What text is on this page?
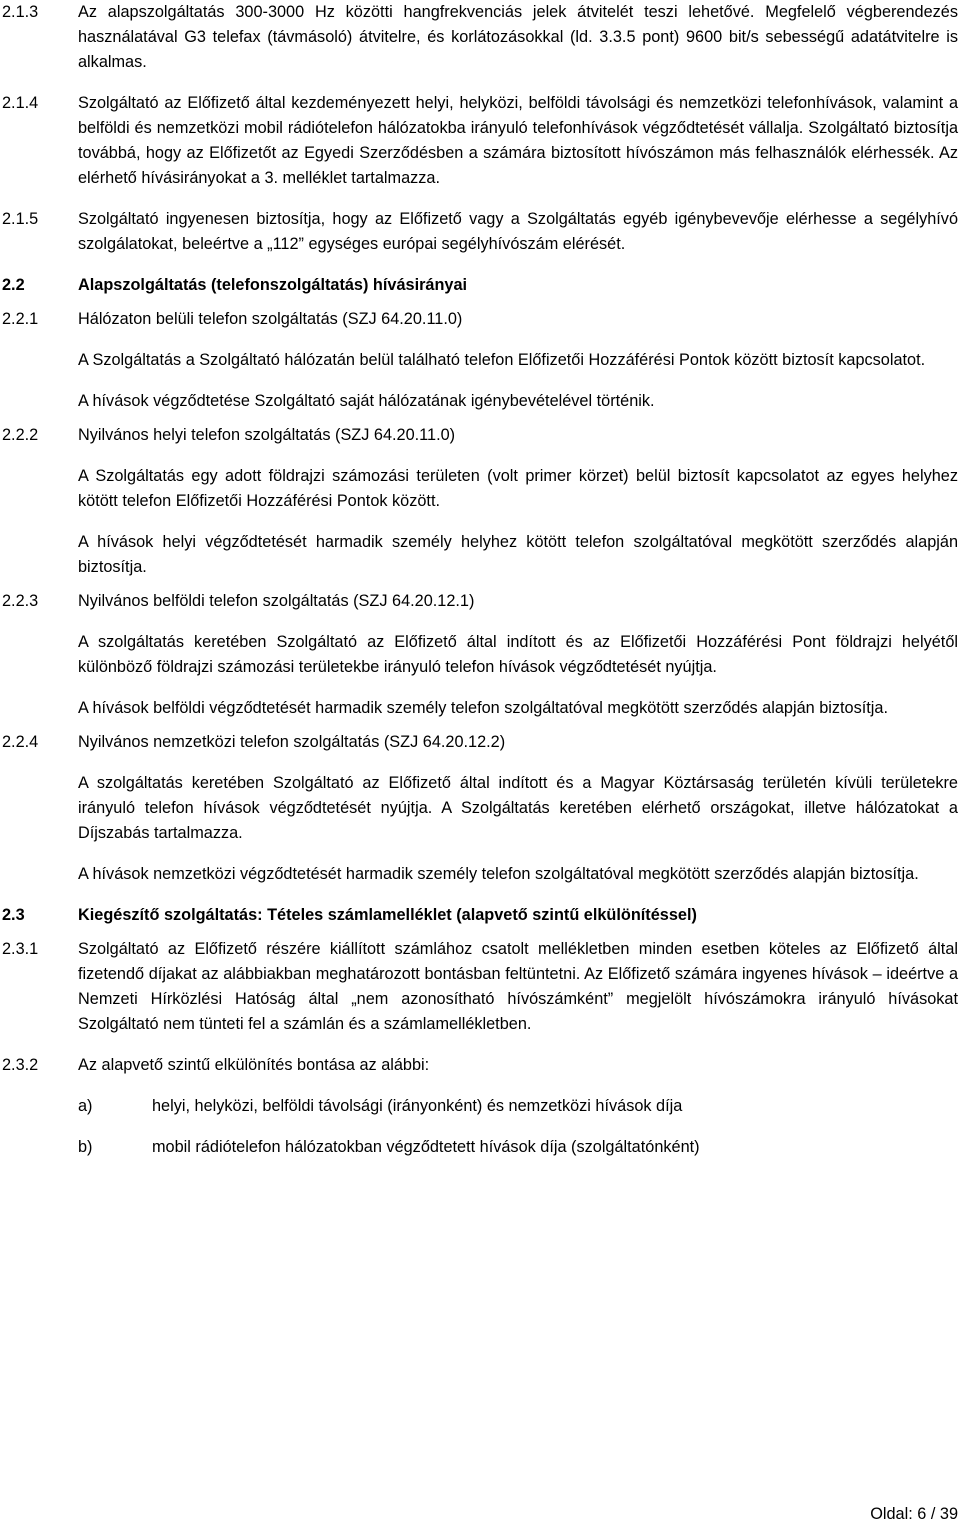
2.1.3	Az alapszolgáltatás 300-3000 Hz közötti hangfrekvenciás jelek átvitelét teszi lehetővé. Megfelelő végberendezés használatával G3 telefax (távmásoló) átvitelre, és korlátozásokkal (ld. 3.3.5 pont) 9600 bit/s sebességű adatátvitelre is alkalmas.
2.1.4	Szolgáltató az Előfizető által kezdeményezett helyi, helyközi, belföldi távolsági és nemzetközi telefonhívások, valamint a belföldi és nemzetközi mobil rádiótelefon hálózatokba irányuló telefonhívások végződtetését vállalja. Szolgáltató biztosítja továbbá, hogy az Előfizetőt az Egyedi Szerződésben a számára biztosított hívószámon más felhasználók elérhessék. Az elérhető hívásirányokat a 3. melléklet tartalmazza.
2.1.5	Szolgáltató ingyenesen biztosítja, hogy az Előfizető vagy a Szolgáltatás egyéb igénybevevője elérhesse a segélyhívó szolgálatokat, beleértve a „112” egységes európai segélyhívószám elérését.
2.2	Alapszolgáltatás (telefonszolgáltatás) hívásirányai
2.2.1	Hálózaton belüli telefon szolgáltatás (SZJ 64.20.11.0)
A Szolgáltatás a Szolgáltató hálózatán belül található telefon Előfizetői Hozzáférési Pontok között biztosít kapcsolatot.
A hívások végződtetése Szolgáltató saját hálózatának igénybevételével történik.
2.2.2	Nyilvános helyi telefon szolgáltatás (SZJ 64.20.11.0)
A Szolgáltatás egy adott földrajzi számozási területen (volt primer körzet) belül biztosít kapcsolatot az egyes helyhez kötött telefon Előfizetői Hozzáférési Pontok között.
A hívások helyi végződtetését harmadik személy helyhez kötött telefon szolgáltatóval megkötött szerződés alapján biztosítja.
2.2.3	Nyilvános belföldi telefon szolgáltatás (SZJ 64.20.12.1)
A szolgáltatás keretében Szolgáltató az Előfizető által indított és az Előfizetői Hozzáférési Pont földrajzi helyétől különböző földrajzi számozási területekbe irányuló telefon hívások végződtetését nyújtja.
A hívások belföldi végződtetését harmadik személy telefon szolgáltatóval megkötött szerződés alapján biztosítja.
2.2.4	Nyilvános nemzetközi telefon szolgáltatás (SZJ 64.20.12.2)
A szolgáltatás keretében Szolgáltató az Előfizető által indított és a Magyar Köztársaság területén kívüli területekre irányuló telefon hívások végződtetését nyújtja. A Szolgáltatás keretében elérhető országokat, illetve hálózatokat a Díjszabás tartalmazza.
A hívások nemzetközi végződtetését harmadik személy telefon szolgáltatóval megkötött szerződés alapján biztosítja.
2.3	Kiegészítő szolgáltatás: Tételes számlamelléklet (alapvető szintű elkülönítéssel)
2.3.1	Szolgáltató az Előfizető részére kiállított számlához csatolt mellékletben minden esetben köteles az Előfizető által fizetendő díjakat az alábbiakban meghatározott bontásban feltüntetni. Az Előfizető számára ingyenes hívások – ideértve a Nemzeti Hírközlési Hatóság által „nem azonosítható hívószámként” megjelölt hívószámokra irányuló hívásokat Szolgáltató nem tünteti fel a számlán és a számlamellékletben.
2.3.2	Az alapvető szintű elkülönítés bontása az alábbi:
a)	helyi, helyközi, belföldi távolsági (irányonként) és nemzetközi hívások díja
b)	mobil rádiótelefon hálózatokban végződtetett hívások díja (szolgáltatónként)
Oldal: 6 / 39
